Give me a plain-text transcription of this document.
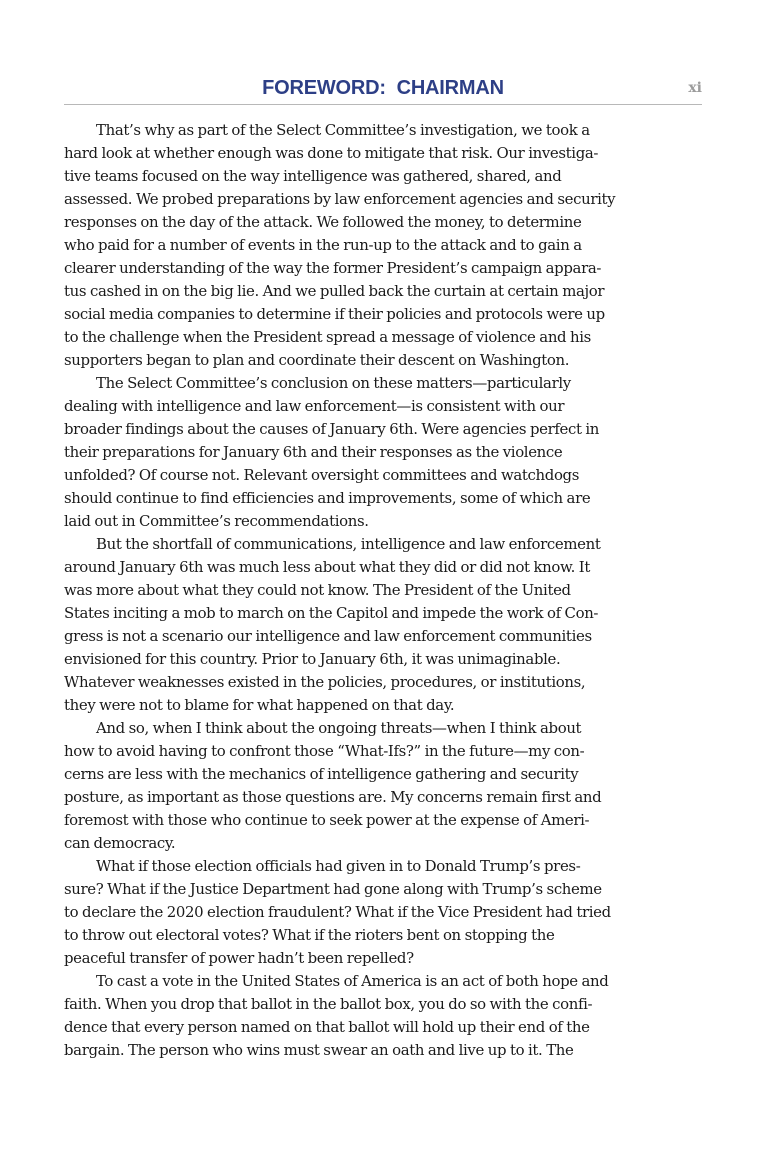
FOREWORD:  CHAIRMAN	xi
That’s why as part of the Select Committee’s investigation, we took a
hard look at whether enough was done to mitigate that risk. Our investiga-
tive teams focused on the way intelligence was gathered, shared, and
assessed. We probed preparations by law enforcement agencies and security
responses on the day of the attack. We followed the money, to determine
who paid for a number of events in the run-up to the attack and to gain a
clearer understanding of the way the former President’s campaign appara-
tus cashed in on the big lie. And we pulled back the curtain at certain major
social media companies to determine if their policies and protocols were up
to the challenge when the President spread a message of violence and his
supporters began to plan and coordinate their descent on Washington.
The Select Committee’s conclusion on these matters—particularly
dealing with intelligence and law enforcement—is consistent with our
broader findings about the causes of January 6th. Were agencies perfect in
their preparations for January 6th and their responses as the violence
unfolded? Of course not. Relevant oversight committees and watchdogs
should continue to find efficiencies and improvements, some of which are
laid out in Committee’s recommendations.
But the shortfall of communications, intelligence and law enforcement
around January 6th was much less about what they did or did not know. It
was more about what they could not know. The President of the United
States inciting a mob to march on the Capitol and impede the work of Con-
gress is not a scenario our intelligence and law enforcement communities
envisioned for this country. Prior to January 6th, it was unimaginable.
Whatever weaknesses existed in the policies, procedures, or institutions,
they were not to blame for what happened on that day.
And so, when I think about the ongoing threats—when I think about
how to avoid having to confront those “What-Ifs?” in the future—my con-
cerns are less with the mechanics of intelligence gathering and security
posture, as important as those questions are. My concerns remain first and
foremost with those who continue to seek power at the expense of Ameri-
can democracy.
What if those election officials had given in to Donald Trump’s pres-
sure? What if the Justice Department had gone along with Trump’s scheme
to declare the 2020 election fraudulent? What if the Vice President had tried
to throw out electoral votes? What if the rioters bent on stopping the
peaceful transfer of power hadn’t been repelled?
To cast a vote in the United States of America is an act of both hope and
faith. When you drop that ballot in the ballot box, you do so with the confi-
dence that every person named on that ballot will hold up their end of the
bargain. The person who wins must swear an oath and live up to it. The
